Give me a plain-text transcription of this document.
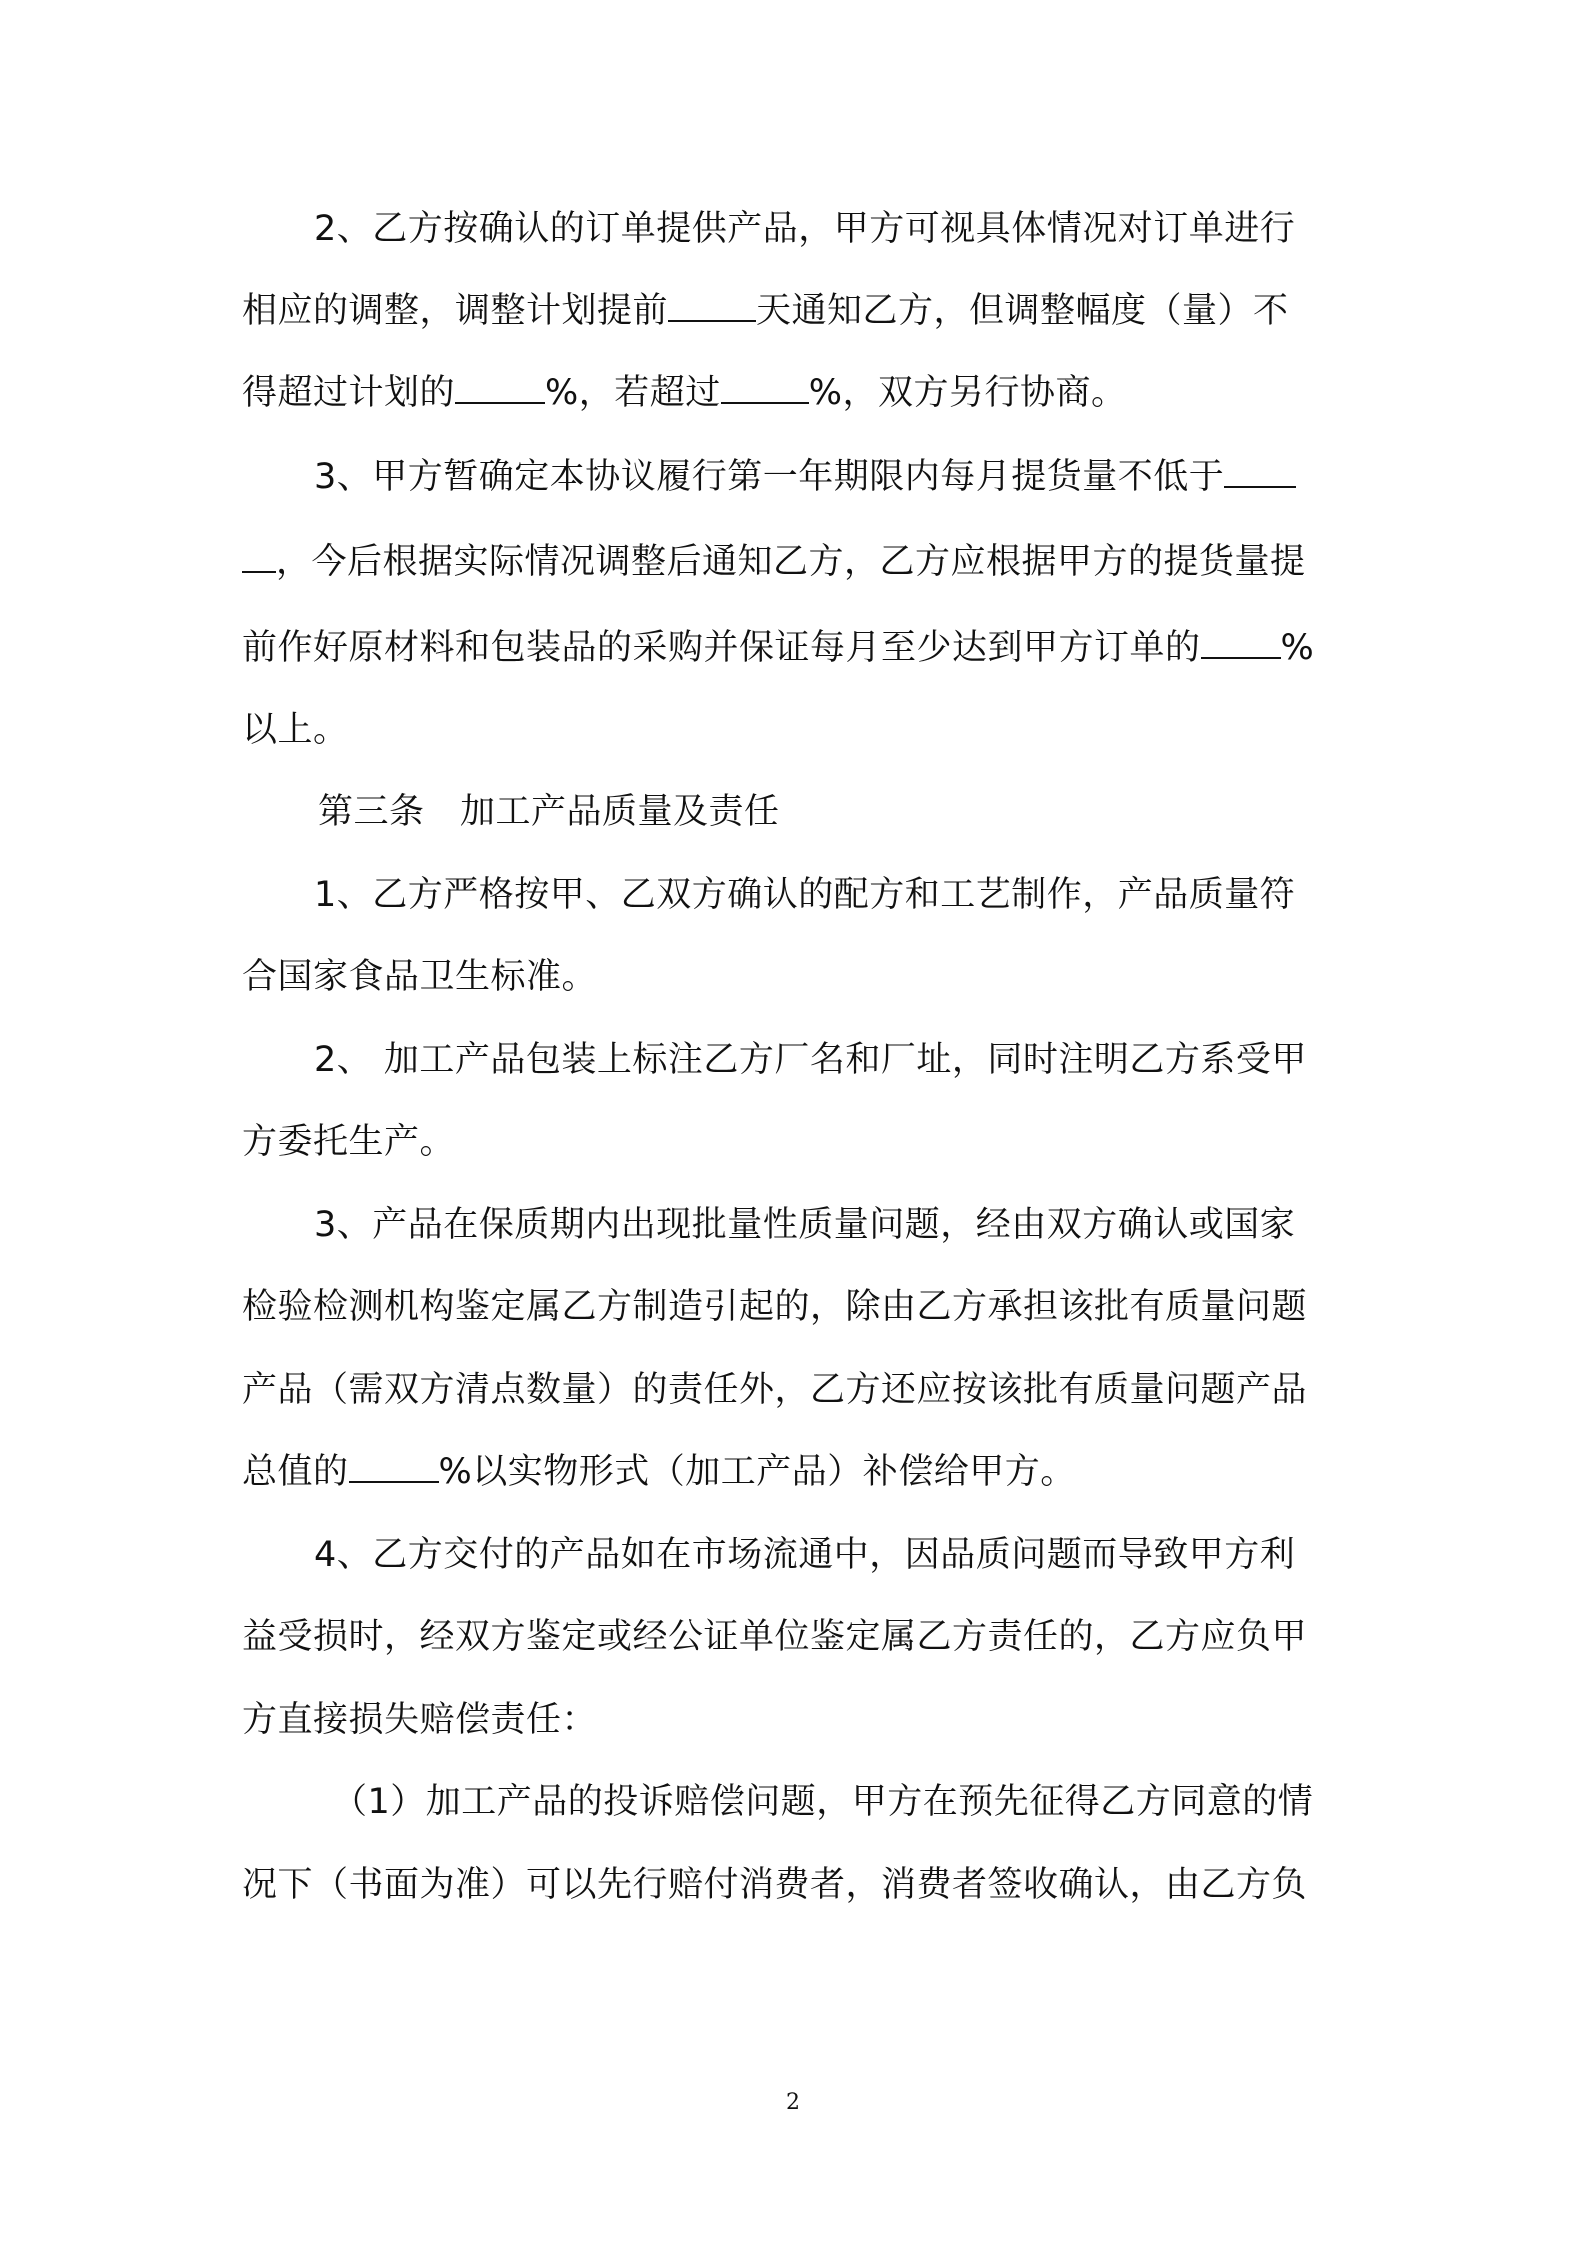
2、乙方按确认的订单提供产品，甲方可视具体情况对订单进行
相应的调整，调整计划提前	天通知乙方，但调整幅度（量）不
得超过计划的	%，若超过	%，双方另行协商。
3、甲方暂确定本协议履行第一年期限内每月提货量不低于
，今后根据实际情况调整后通知乙方，乙方应根据甲方的提货量提
前作好原材料和包装品的采购并保证每月至少达到甲方订单的 %
以上。
第三条　加工产品质量及责任
1、乙方严格按甲、乙双方确认的配方和工艺制作，产品质量符
合国家食品卫生标准。
2、 加工产品包装上标注乙方厂名和厂址，同时注明乙方系受甲
方委托生产。
3、产品在保质期内出现批量性质量问题，经由双方确认或国家
检验检测机构鉴定属乙方制造引起的，除由乙方承担该批有质量问题
产品（需双方清点数量）的责任外，乙方还应按该批有质量问题产品
总值的	%以实物形式（加工产品）补偿给甲方。
4、乙方交付的产品如在市场流通中，因品质问题而导致甲方利
益受损时，经双方鉴定或经公证单位鉴定属乙方责任的，乙方应负甲
方直接损失赔偿责任：
（1）加工产品的投诉赔偿问题，甲方在预先征得乙方同意的情
况下（书面为准）可以先行赔付消费者，消费者签收确认，由乙方负
2
